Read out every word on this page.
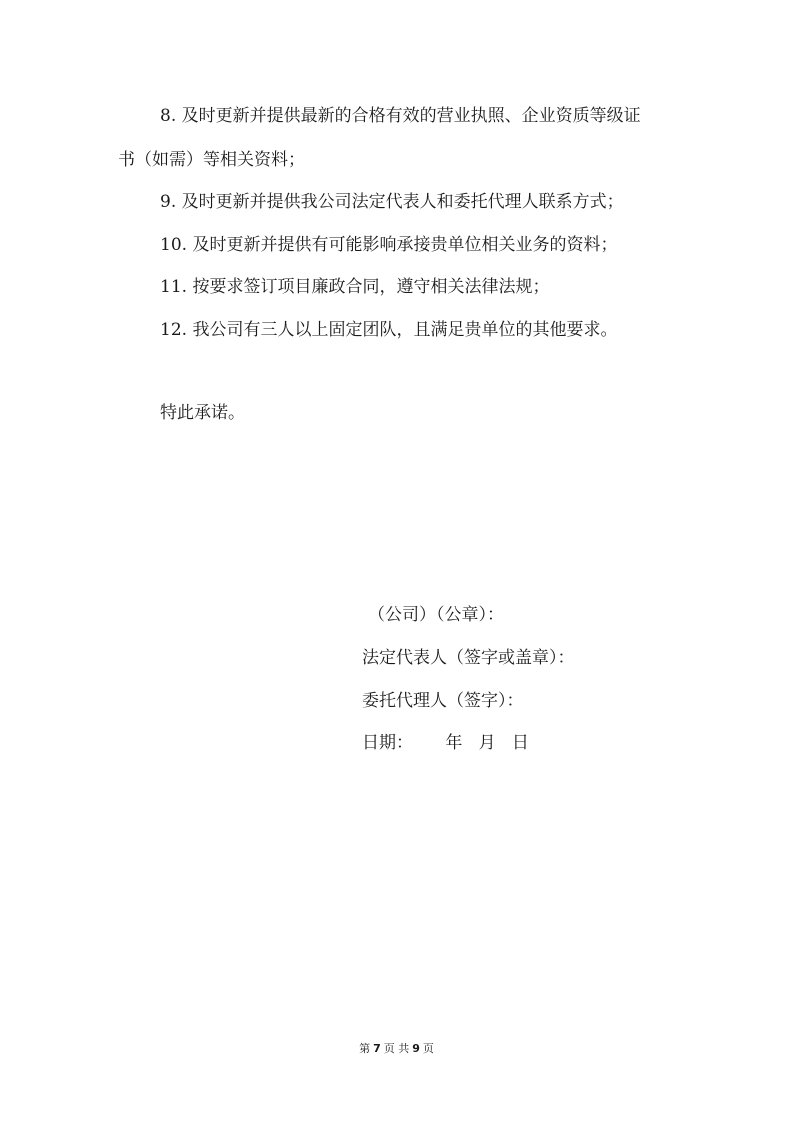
8. 及时更新并提供最新的合格有效的营业执照、企业资质等级证
书（如需）等相关资料；
9. 及时更新并提供我公司法定代表人和委托代理人联系方式；
10. 及时更新并提供有可能影响承接贵单位相关业务的资料；
11. 按要求签订项目廉政合同，遵守相关法律法规；
12. 我公司有三人以上固定团队，且满足贵单位的其他要求。
特此承诺。
（公司）（公章）：
法定代表人（签字或盖章）：
委托代理人（签字）：
日期：      年   月   日
第 7 页 共 9 页
